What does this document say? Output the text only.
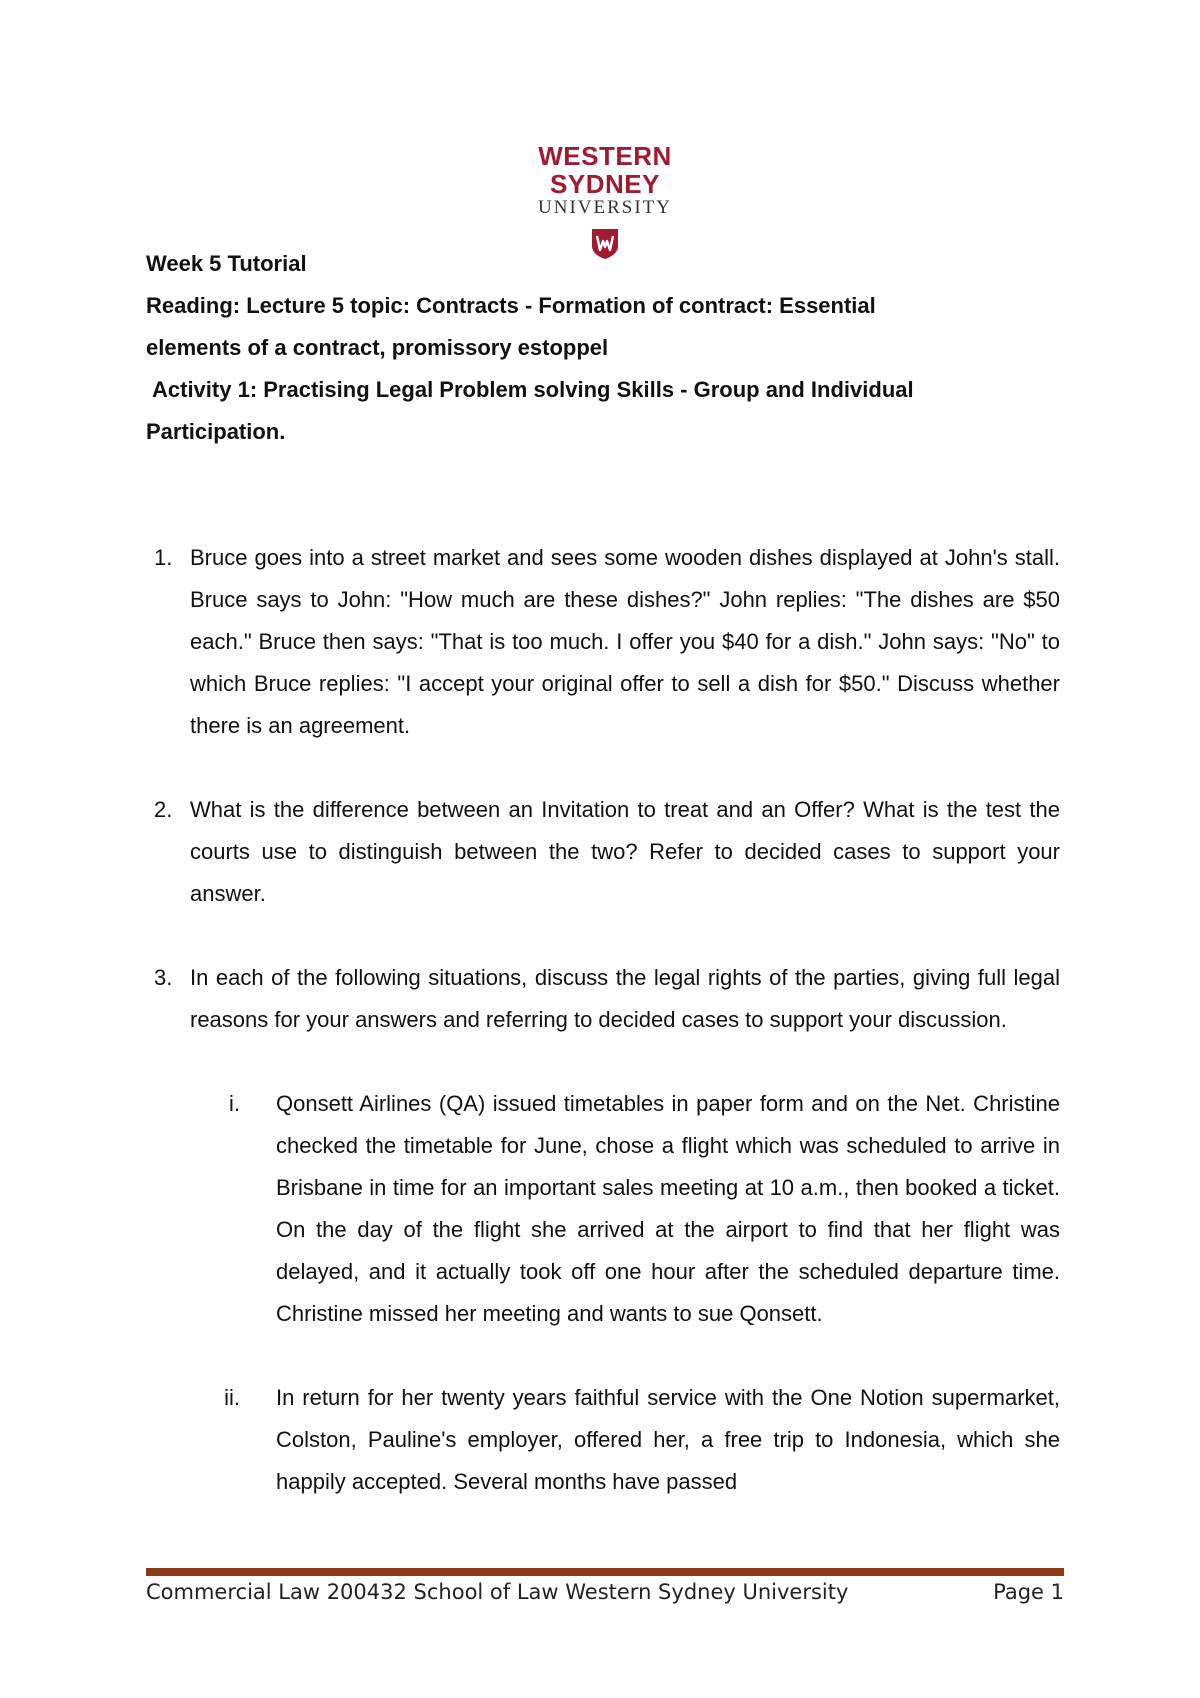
WESTERN SYDNEY
UNIVERSITY

Week 5 Tutorial

Reading: Lecture 5 topic: Contracts - Formation of contract: Essential

elements of a contract, promissory estoppel

Activity 1: Practising Legal Problem solving Skills - Group and Individual

Participation.

1. Bruce goes into a street market and sees some wooden dishes displayed at John's stall. Bruce says to John: "How much are these dishes?" John replies: "The dishes are $50 each." Bruce then says: "That is too much. I offer you $40 for a dish." John says: "No" to which Bruce replies: "I accept your original offer to sell a dish for $50." Discuss whether there is an agreement.

2. What is the difference between an Invitation to treat and an Offer? What is the test the courts use to distinguish between the two? Refer to decided cases to support your answer.

3. In each of the following situations, discuss the legal rights of the parties, giving full legal reasons for your answers and referring to decided cases to support your discussion.

i. Qonsett Airlines (QA) issued timetables in paper form and on the Net. Christine checked the timetable for June, chose a flight which was scheduled to arrive in Brisbane in time for an important sales meeting at 10 a.m., then booked a ticket. On the day of the flight she arrived at the airport to find that her flight was delayed, and it actually took off one hour after the scheduled departure time. Christine missed her meeting and wants to sue Qonsett.

ii. In return for her twenty years faithful service with the One Notion supermarket, Colston, Pauline's employer, offered her, a free trip to Indonesia, which she happily accepted. Several months have passed

Commercial Law 200432 School of Law Western Sydney University	Page 1
